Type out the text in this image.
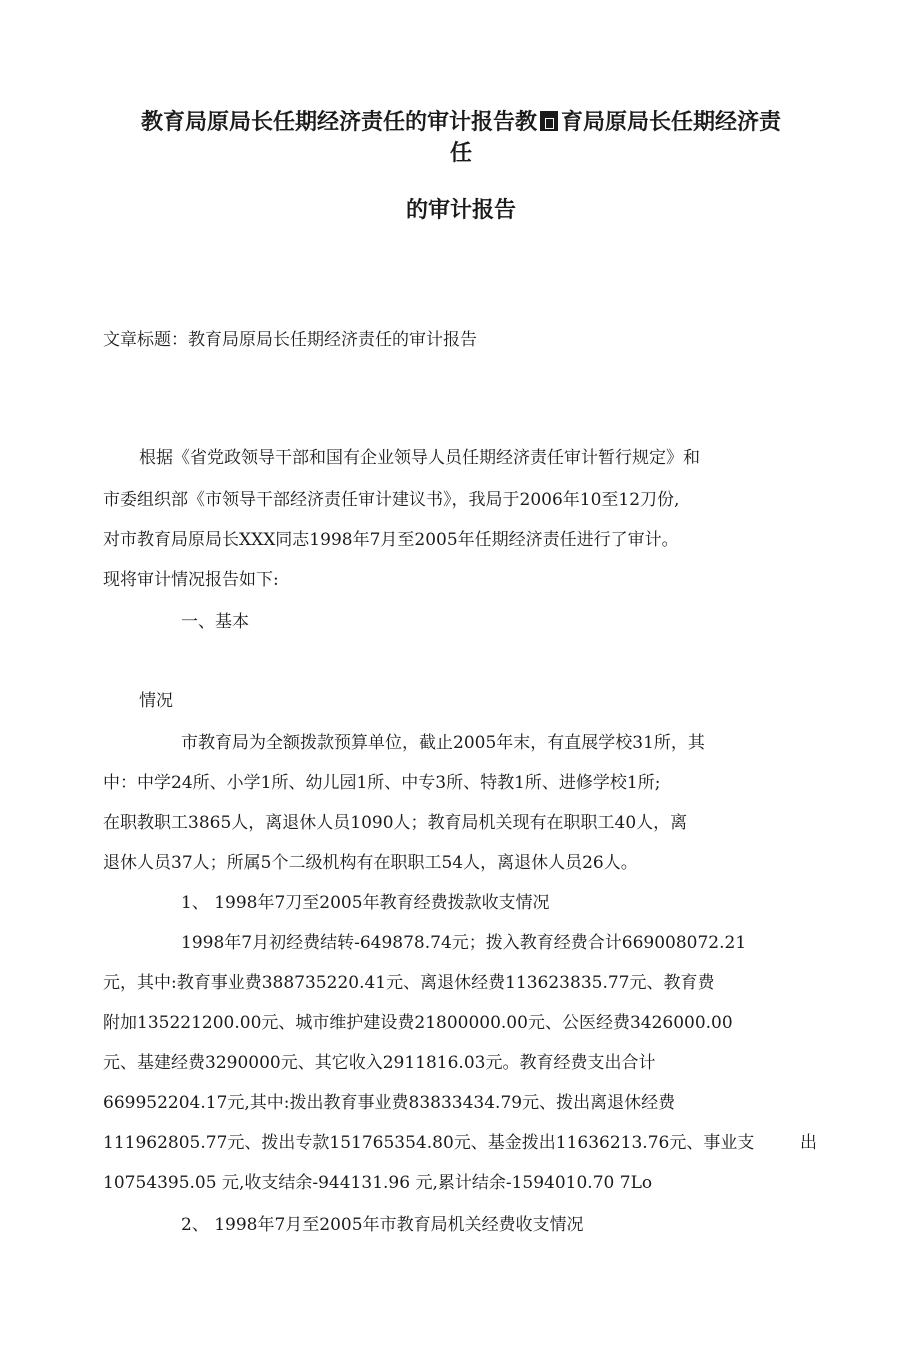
教育局原局长任期经济责任的审计报告教 育局原局长任期经济责
任
的审计报告

文章标题：教育局原局长任期经济责任的审计报告

根据《省党政领导干部和国有企业领导人员任期经济责任审计暂行规定》和

市委组织部《市领导干部经济责任审计建议书》，我局于2006年10至12刀份,

对市教育局原局长XXX同志1998年7月至2005年任期经济责任进行了审计。

现将审计情况报告如下:

一、基本

情况

市教育局为全额拨款预算单位，截止2005年末，有直展学校31所，其

中：中学24所、小学1所、幼儿园1所、中专3所、特教1所、进修学校1所;

在职教职工3865人，离退休人员1090人；教育局机关现有在职职工40人，离

退休人员37人；所属5个二级机构有在职职工54人，离退休人员26人。

1、 1998年7刀至2005年教育经费拨款收支情况

1998年7月初经费结转-649878.74元；拨入教育经费合计669008072.21

元，其中:教育事业费388735220.41元、离退休经费113623835.77元、教育费

附加135221200.00元、城市维护建设费21800000.00元、公医经费3426000.00

元、基建经费3290000元、其它收入2911816.03元。教育经费支出合计

669952204.17元,其中:拨出教育事业费83833434.79元、拨出离退休经费

111962805.77元、拨出专款151765354.80元、基金拨出11636213.76元、事业支	出

10754395.05 元,收支结余-944131.96 元,累计结余-1594010.70 7Lo

2、 1998年7月至2005年市教育局机关经费收支情况
